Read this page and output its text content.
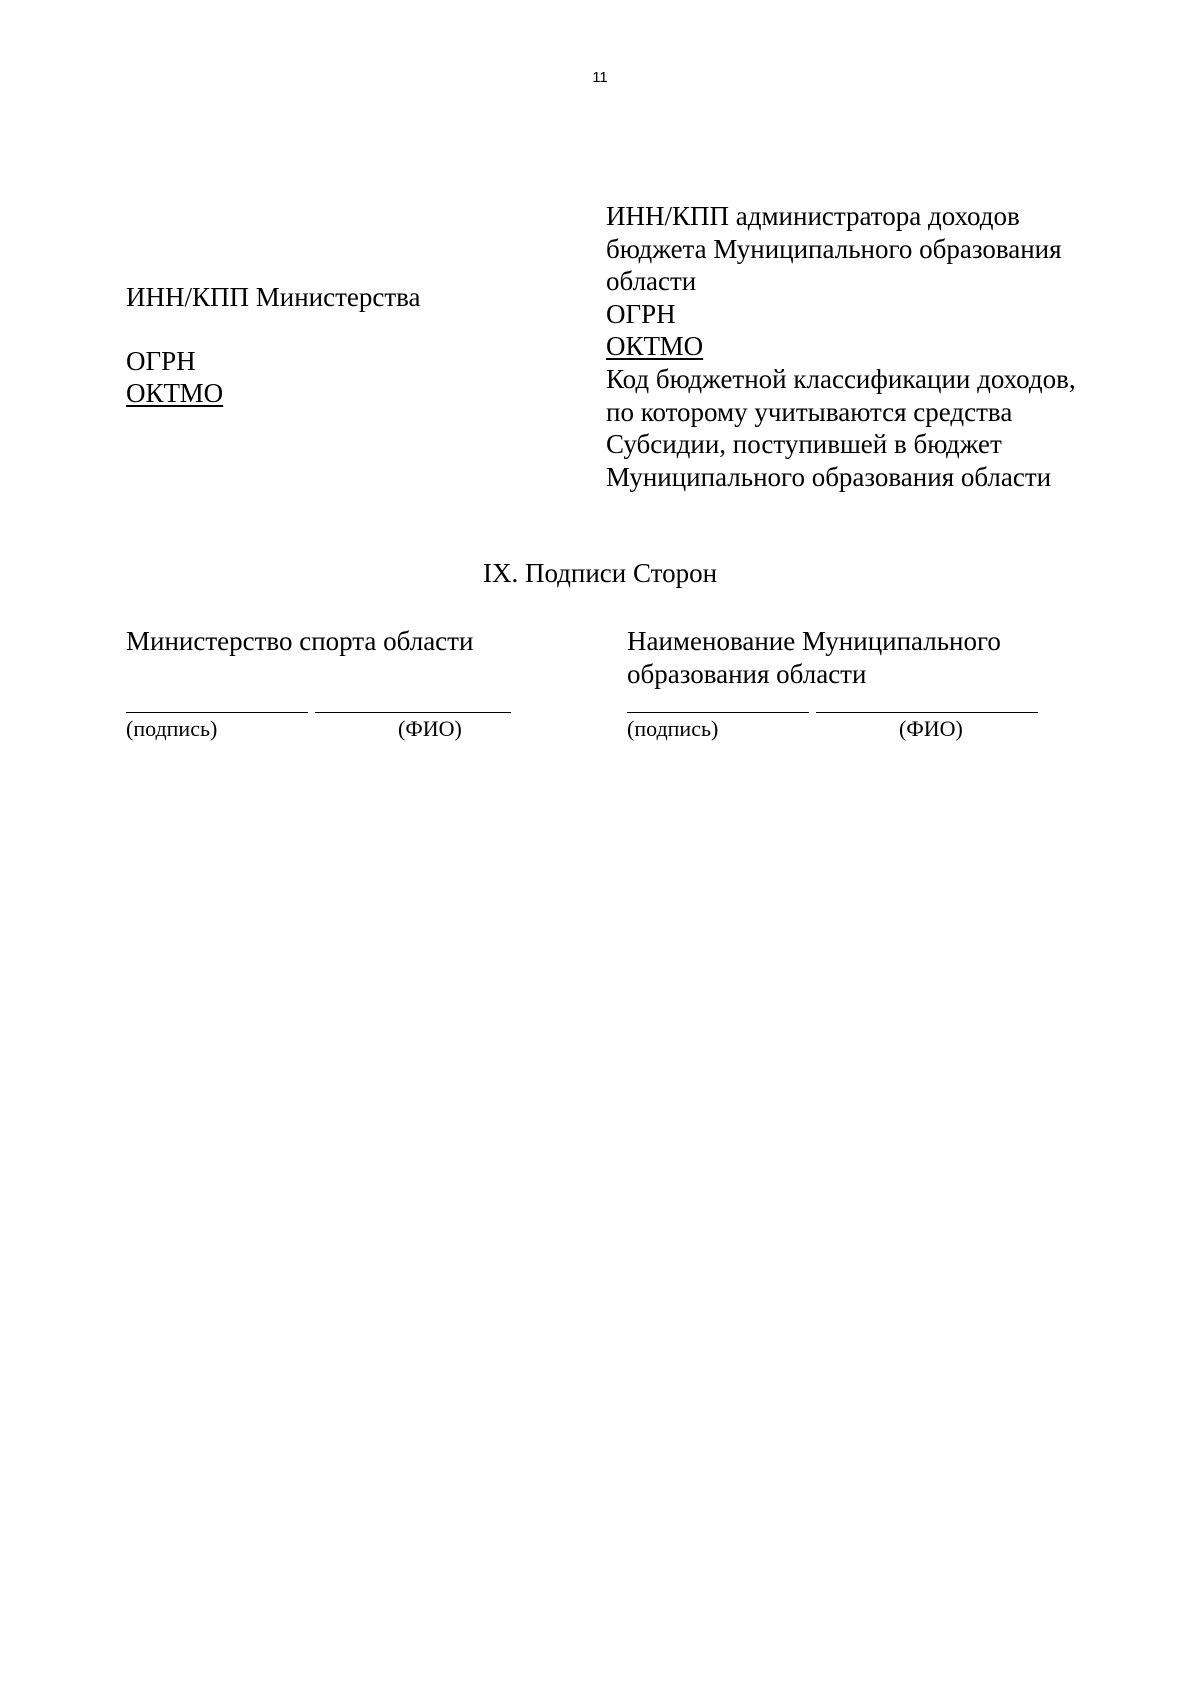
11
ИНН/КПП Министерства
ОГРН
ОКТМО
ИНН/КПП администратора доходов
бюджета Муниципального образования
области
ОГРН
ОКТМО
Код бюджетной классификации доходов,
по которому учитываются средства
Субсидии, поступившей в бюджет
Муниципального образования области
IX. Подписи Сторон
Министерство спорта области	Наименование Муниципального
образования области
(подпись)	(ФИО)	(подпись)	(ФИО)
